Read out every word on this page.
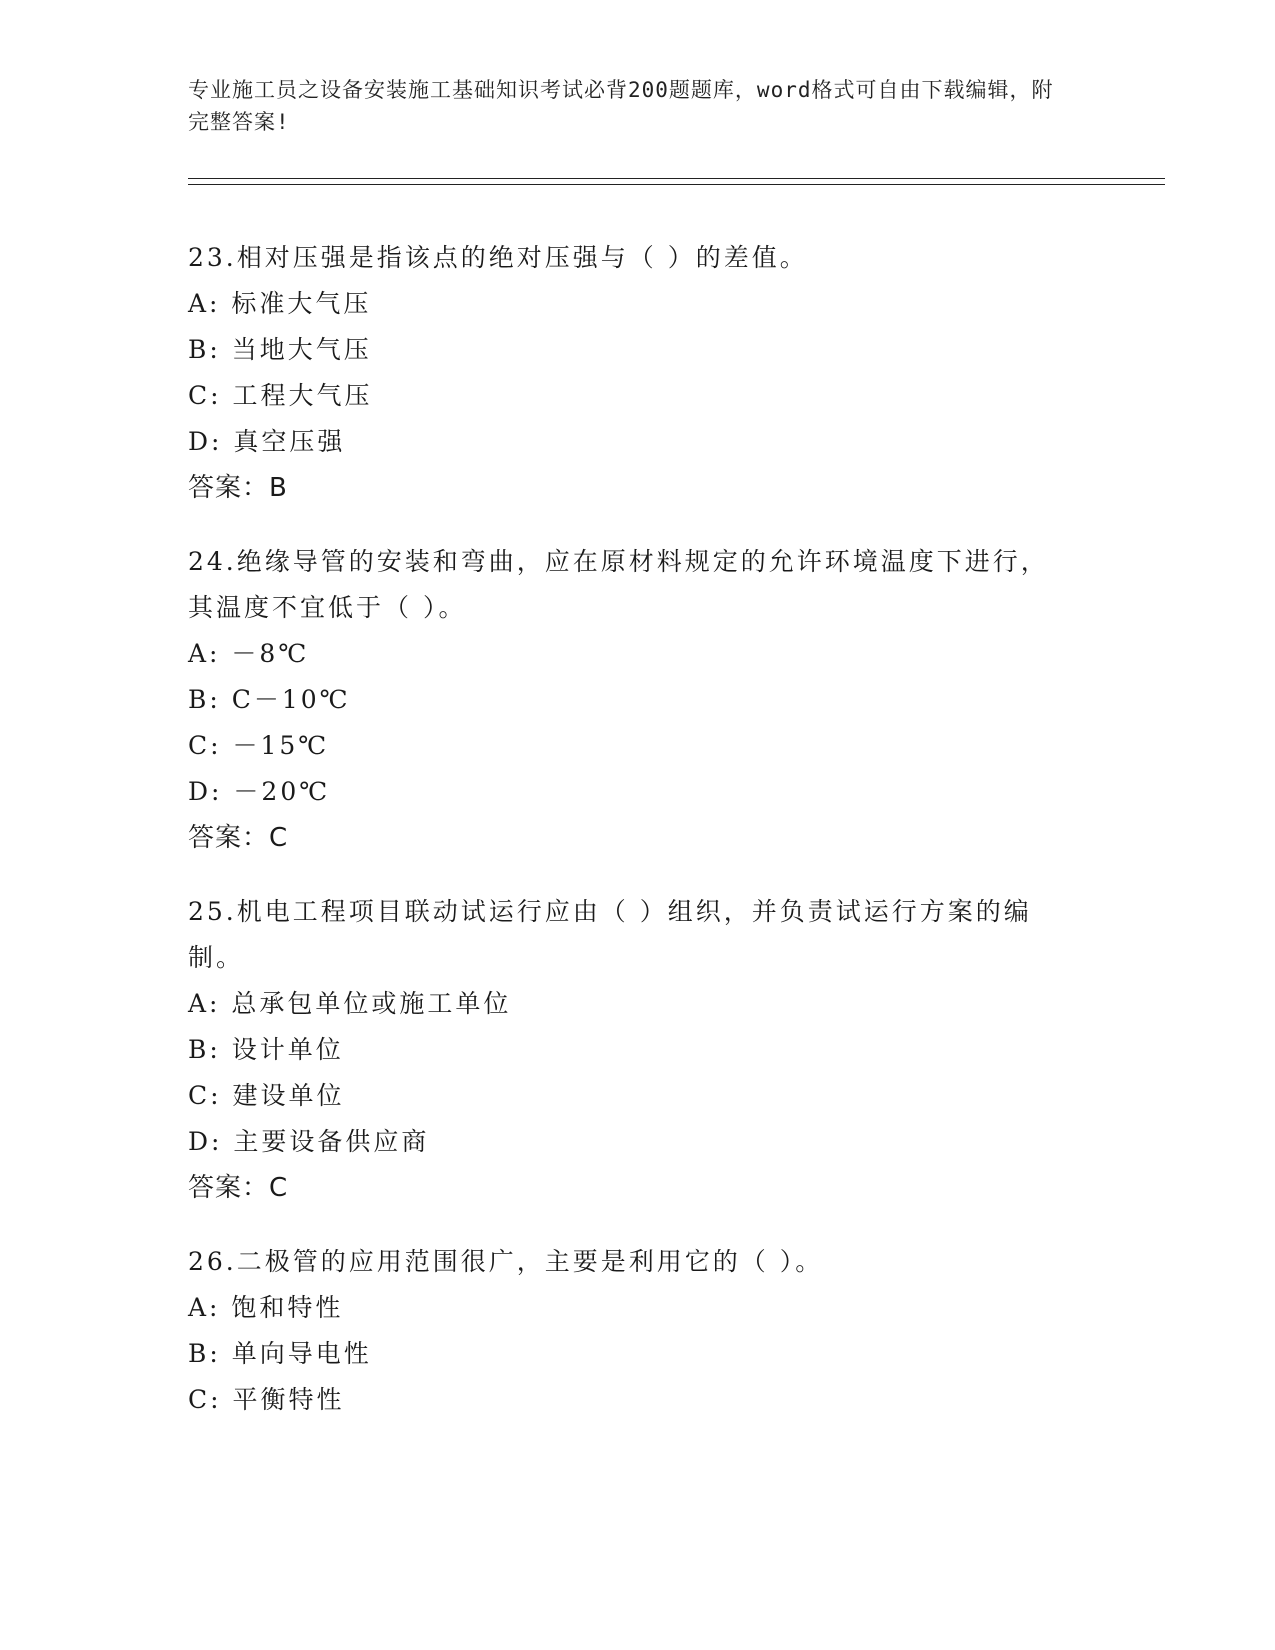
专业施工员之设备安装施工基础知识考试必背200题题库，word格式可自由下载编辑，附完整答案!
23.相对压强是指该点的绝对压强与（ ）的差值。
A: 标准大气压
B: 当地大气压
C: 工程大气压
D: 真空压强
答案：B
24.绝缘导管的安装和弯曲，应在原材料规定的允许环境温度下进行，其温度不宜低于（ ）。
A: －8℃
B: C－10℃
C: －15℃
D: －20℃
答案：C
25.机电工程项目联动试运行应由（ ）组织，并负责试运行方案的编制。
A: 总承包单位或施工单位
B: 设计单位
C: 建设单位
D: 主要设备供应商
答案：C
26.二极管的应用范围很广，主要是利用它的（ ）。
A: 饱和特性
B: 单向导电性
C: 平衡特性
